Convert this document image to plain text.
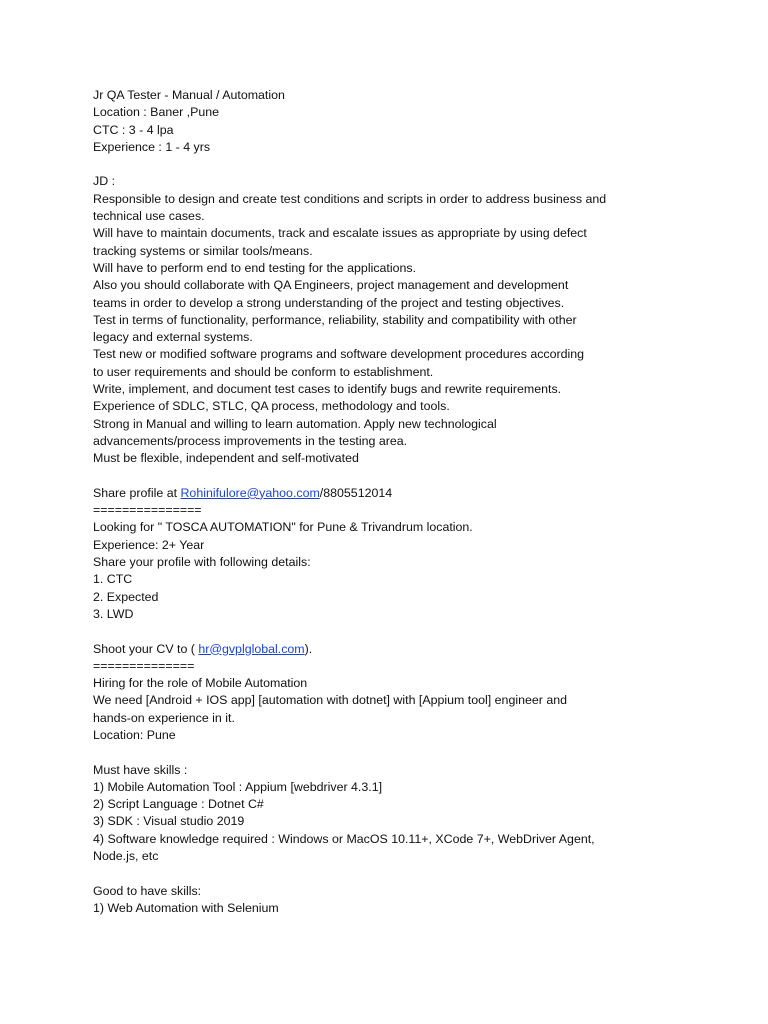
Jr QA Tester - Manual / Automation
Location : Baner ,Pune
CTC : 3 - 4 lpa
Experience : 1 - 4 yrs
JD :
Responsible to design and create test conditions and scripts in order to address business and
technical use cases.
Will have to maintain documents, track and escalate issues as appropriate by using defect
tracking systems or similar tools/means.
Will have to perform end to end testing for the applications.
Also you should collaborate with QA Engineers, project management and development
teams in order to develop a strong understanding of the project and testing objectives.
Test in terms of functionality, performance, reliability, stability and compatibility with other
legacy and external systems.
Test new or modified software programs and software development procedures according
to user requirements and should be conform to establishment.
Write, implement, and document test cases to identify bugs and rewrite requirements.
Experience of SDLC, STLC, QA process, methodology and tools.
Strong in Manual and willing to learn automation. Apply new technological
advancements/process improvements in the testing area.
Must be flexible, independent and self-motivated
Share profile at Rohinifulore@yahoo.com/8805512014
===============
Looking for " TOSCA AUTOMATION" for Pune & Trivandrum location.
Experience: 2+ Year
Share your profile with following details:
1. CTC
2. Expected
3. LWD
Shoot your CV to ( hr@gvplglobal.com).
==============
Hiring for the role of Mobile Automation
We need [Android + IOS app] [automation with dotnet] with [Appium tool] engineer and
hands-on experience in it.
Location: Pune
Must have skills :
1) Mobile Automation Tool : Appium [webdriver 4.3.1]
2) Script Language : Dotnet C#
3) SDK : Visual studio 2019
4) Software knowledge required : Windows or MacOS 10.11+, XCode 7+, WebDriver Agent,
Node.js, etc
Good to have skills:
1) Web Automation with Selenium
